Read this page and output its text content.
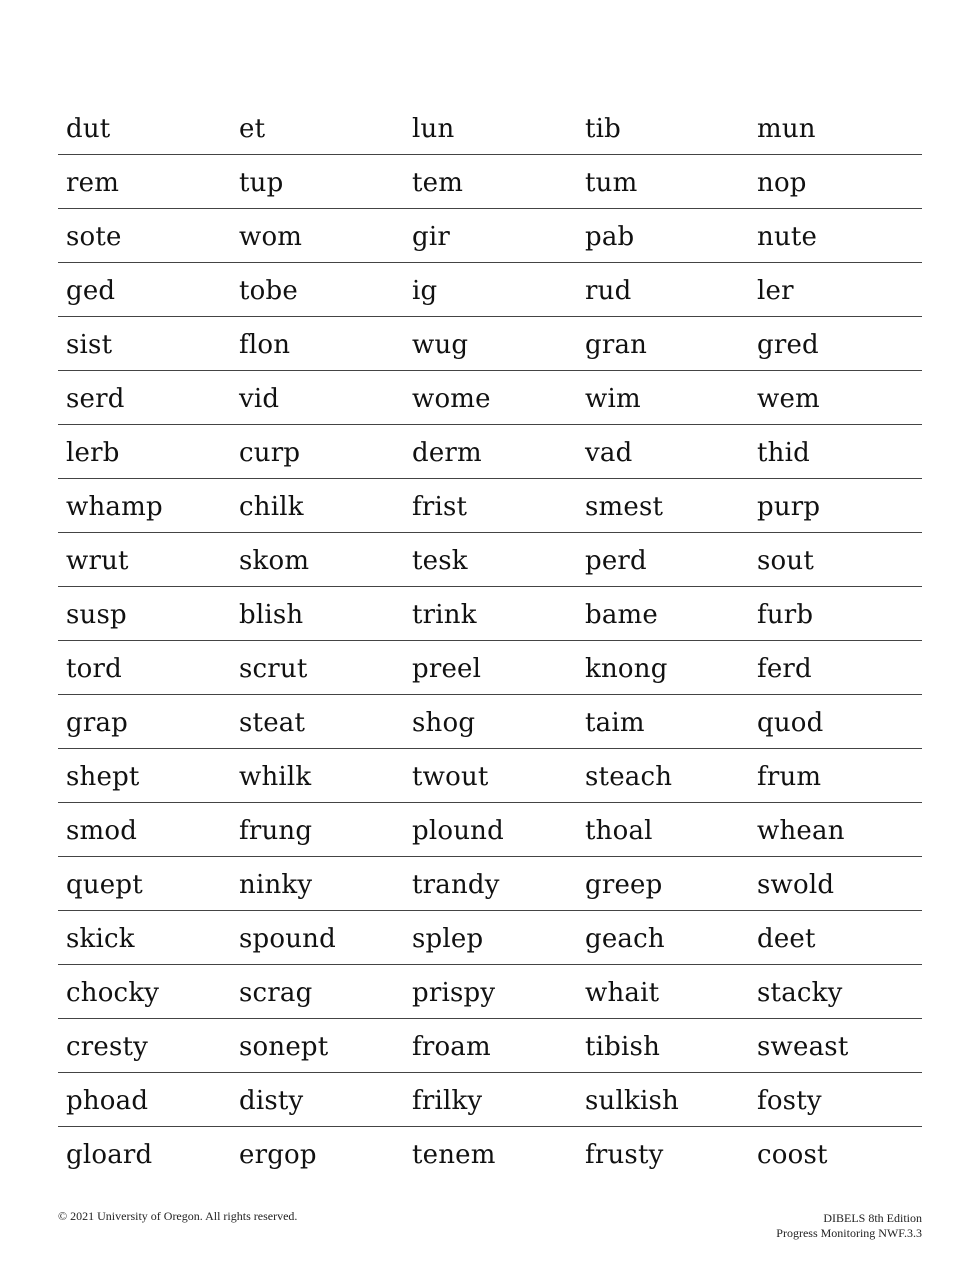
dut	et	lun	tib	mun
rem	tup	tem	tum	nop
sote	wom	gir	pab	nute
ged	tobe	ig	rud	ler
sist	flon	wug	gran	gred
serd	vid	wome	wim	wem
lerb	curp	derm	vad	thid
whamp	chilk	frist	smest	purp
wrut	skom	tesk	perd	sout
susp	blish	trink	bame	furb
tord	scrut	preel	knong	ferd
grap	steat	shog	taim	quod
shept	whilk	twout	steach	frum
smod	frung	plound	thoal	whean
quept	ninky	trandy	greep	swold
skick	spound	splep	geach	deet
chocky	scrag	prispy	whait	stacky
cresty	sonept	froam	tibish	sweast
phoad	disty	frilky	sulkish	fosty
gloard	ergop	tenem	frusty	coost
© 2021 University of Oregon. All rights reserved.	DIBELS 8th Edition
Progress Monitoring NWF.3.3
